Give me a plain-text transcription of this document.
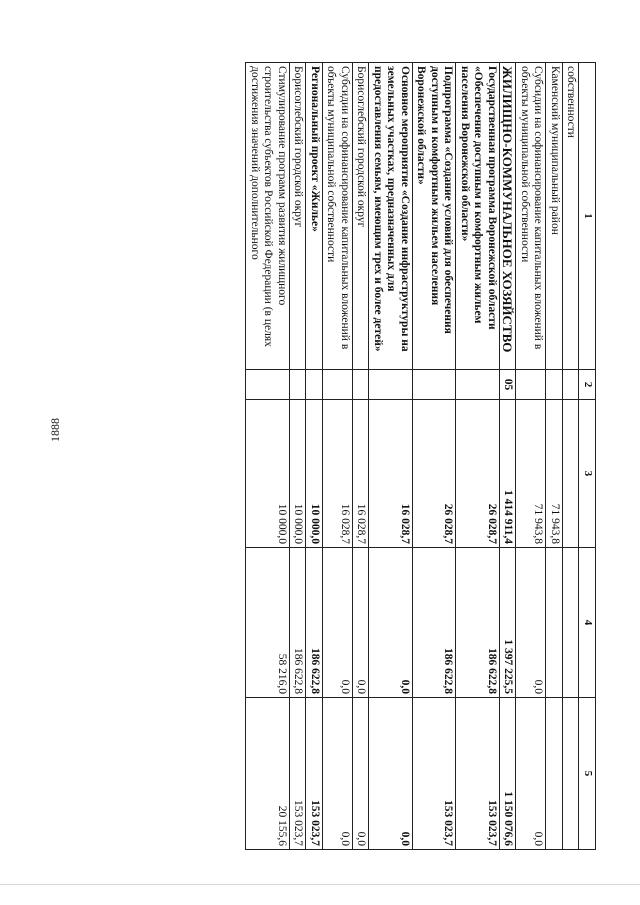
1888
1	2	3	4	5
собственности				
Каменский муниципальный район		71 943,8		
Субсидии на софинансирование капитальных вложений в объекты муниципальной собственности		71 943,8	0,0	0,0
ЖИЛИЩНО-КОММУНАЛЬНОЕ ХОЗЯЙСТВО	05	1 414 911,4	1 397 225,5	1 150 076,6
Государственная программа Воронежской области «Обеспечение доступным и комфортным жильем населения Воронежской области»		26 028,7	186 622,8	153 023,7
Подпрограмма «Создание условий для обеспечения доступным и комфортным жильем населения Воронежской области»		26 028,7	186 622,8	153 023,7
Основное мероприятие «Создание инфраструктуры на земельных участках, предназначенных для предоставления семьям, имеющим трех и более детей»		16 028,7	0,0	0,0
Борисоглебский городской округ		16 028,7	0,0	0,0
Субсидии на софинансирование капитальных вложений в объекты муниципальной собственности		16 028,7	0,0	0,0
Региональный проект «Жилье»		10 000,0	186 622,8	153 023,7
Борисоглебский городской округ		10 000,0	186 622,8	153 023,7
Стимулирование программ развития жилищного строительства субъектов Российской Федерации (в целях достижения значений дополнительного		10 000,0	58 216,0	20 155,6
